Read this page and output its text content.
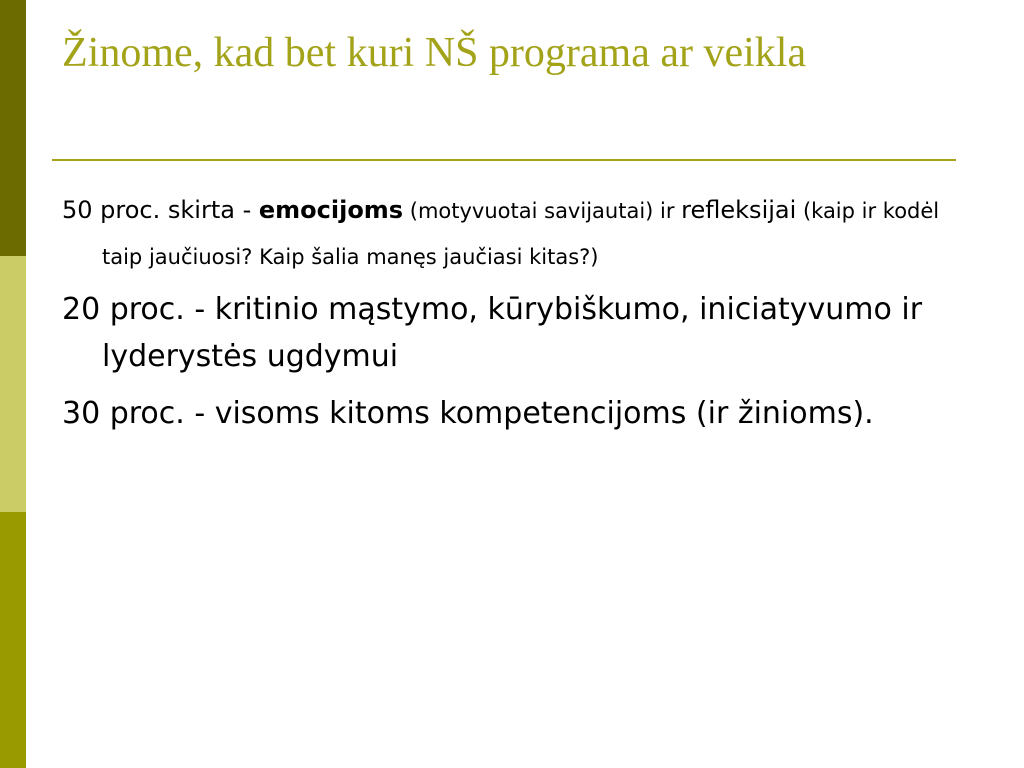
Žinome, kad bet kuri NŠ programa ar veikla

50 proc. skirta - emocijoms (motyvuotai savijautai) ir refleksijai (kaip ir kodėl taip jaučiuosi? Kaip šalia manęs jaučiasi kitas?)

20 proc. - kritinio mąstymo, kūrybiškumo, iniciatyvumo ir lyderystės ugdymui

30 proc. - visoms kitoms kompetencijoms (ir žinioms).
